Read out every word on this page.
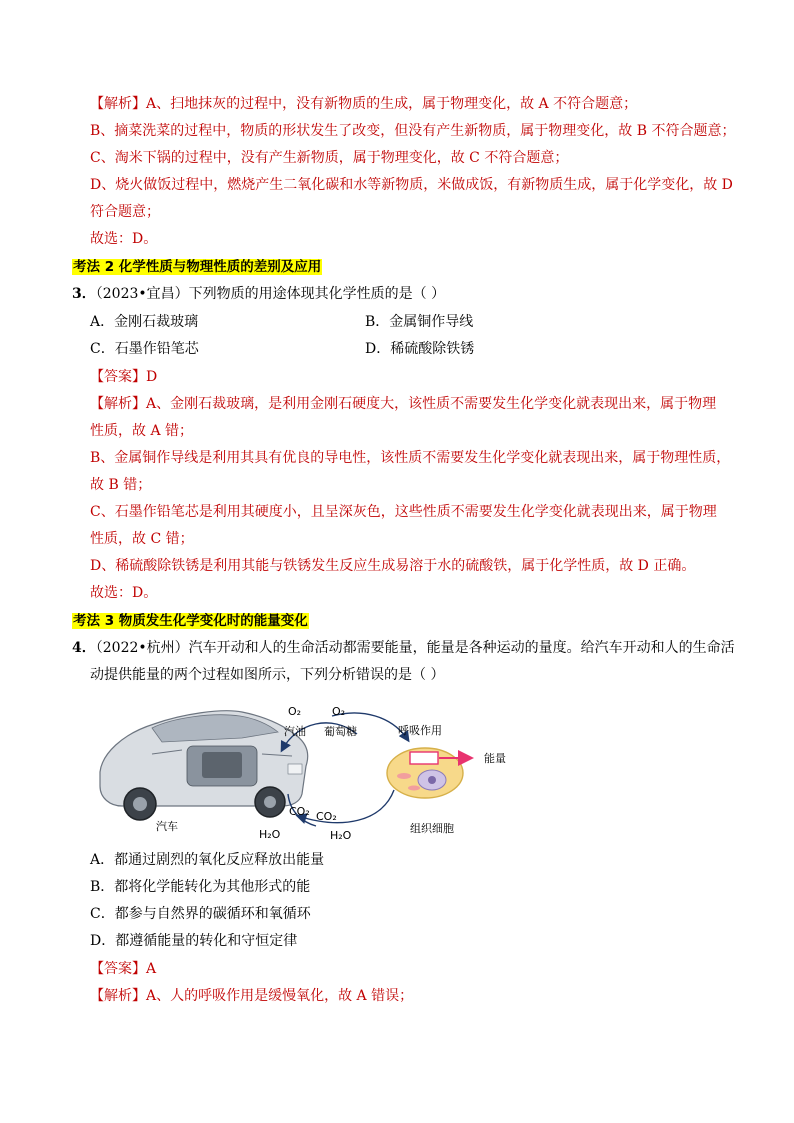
【解析】A、扫地抹灰的过程中，没有新物质的生成，属于物理变化，故 A 不符合题意；
B、摘菜洗菜的过程中，物质的形状发生了改变，但没有产生新物质，属于物理变化，故 B 不符合题意；
C、淘米下锅的过程中，没有产生新物质，属于物理变化，故 C 不符合题意；
D、烧火做饭过程中，燃烧产生二氧化碳和水等新物质，米做成饭，有新物质生成，属于化学变化，故 D
符合题意；
故选：D。
考法 2 化学性质与物理性质的差别及应用
3．（2023•宜昌）下列物质的用途体现其化学性质的是（ ）
A．金刚石裁玻璃	B．金属铜作导线
C．石墨作铅笔芯	D．稀硫酸除铁锈
【答案】D
【解析】A、金刚石裁玻璃，是利用金刚石硬度大，该性质不需要发生化学变化就表现出来，属于物理
性质，故 A 错；
B、金属铜作导线是利用其具有优良的导电性，该性质不需要发生化学变化就表现出来，属于物理性质，
故 B 错；
C、石墨作铅笔芯是利用其硬度小，且呈深灰色，这些性质不需要发生化学变化就表现出来，属于物理
性质，故 C 错；
D、稀硫酸除铁锈是利用其能与铁锈发生反应生成易溶于水的硫酸铁，属于化学性质，故 D 正确。
故选：D。
考法 3 物质发生化学变化时的能量变化
4．（2022•杭州）汽车开动和人的生命活动都需要能量，能量是各种运动的量度。给汽车开动和人的生命活
动提供能量的两个过程如图所示，下列分析错误的是（ ）
O₂
汽油
O₂
葡萄糖	呼吸作用
能量
CO₂ CO₂
H₂O	H₂O
汽车	组织细胞
A．都通过剧烈的氧化反应释放出能量
B．都将化学能转化为其他形式的能
C．都参与自然界的碳循环和氧循环
D．都遵循能量的转化和守恒定律
【答案】A
【解析】A、人的呼吸作用是缓慢氧化，故 A 错误；
